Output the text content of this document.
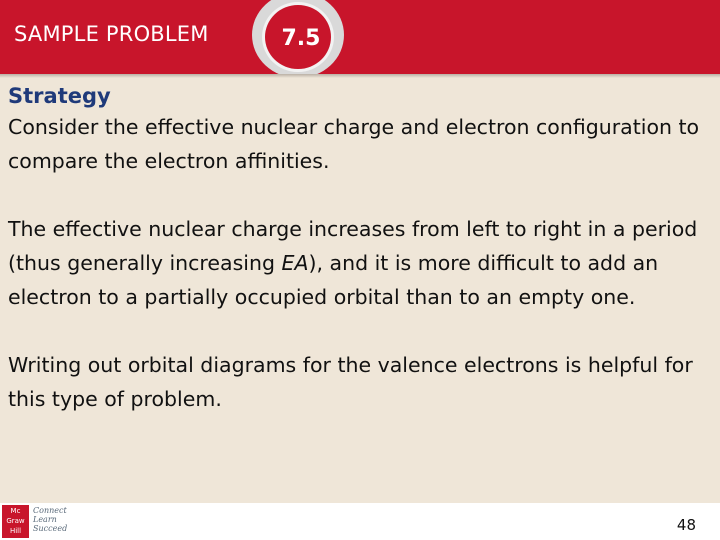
SAMPLE PROBLEM	7.5
Strategy

Consider the effective nuclear charge and electron configuration to compare the electron affinities.

The effective nuclear charge increases from left to right in a period (thus generally increasing EA), and it is more difficult to add an electron to a partially occupied orbital than to an empty one.

Writing out orbital diagrams for the valence electrons is helpful for this type of problem.

Mc
Graw
Hill
Connect
Learn
Succeed	48
